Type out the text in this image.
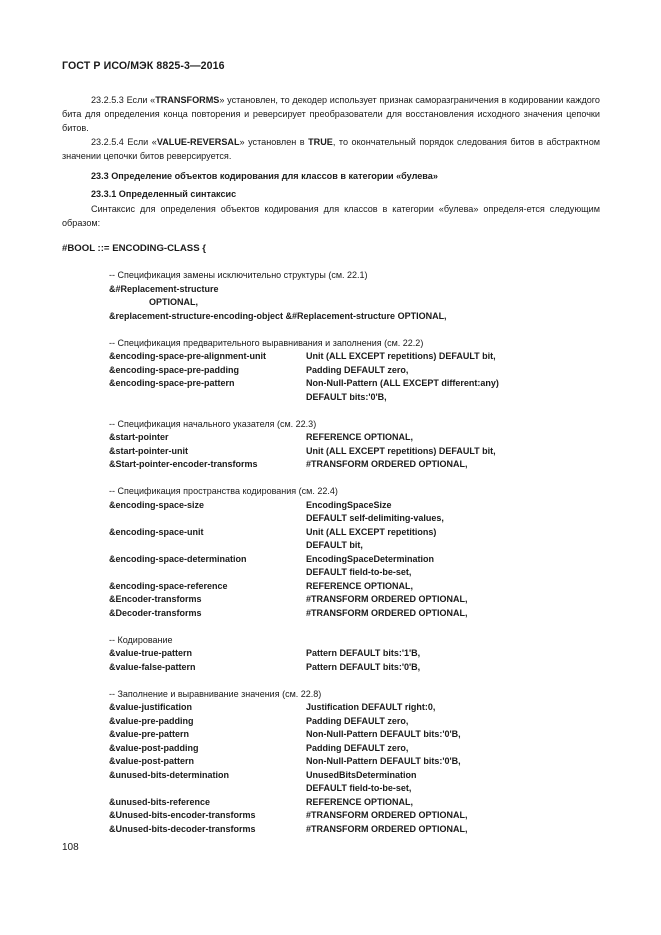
ГОСТ Р ИСО/МЭК 8825-3—2016

23.2.5.3 Если «TRANSFORMS» установлен, то декодер использует признак саморазграничения в кодировании каждого бита для определения конца повторения и реверсирует преобразователи для восстановления исходного значения цепочки битов.

23.2.5.4 Если «VALUE-REVERSAL» установлен в TRUE, то окончательный порядок следования битов в абстрактном значении цепочки битов реверсируется.

23.3 Определение объектов кодирования для классов в категории «булева»
23.3.1 Определенный синтаксис

Синтаксис для определения объектов кодирования для классов в категории «булева» определя-ется следующим образом:

#BOOL ::= ENCODING-CLASS {
-- Спецификация замены исключительно структуры (см. 22.1)
&#Replacement-structure
OPTIONAL,
&replacement-structure-encoding-object &#Replacement-structure OPTIONAL,
-- Спецификация предварительного выравнивания и заполнения (см. 22.2)
&encoding-space-pre-alignment-unit	Unit (ALL EXCEPT repetitions) DEFAULT bit,
&encoding-space-pre-padding	Padding DEFAULT zero,
&encoding-space-pre-pattern	Non-Null-Pattern (ALL EXCEPT different:any)
DEFAULT bits:'0'B,
-- Спецификация начального указателя (см. 22.3)
&start-pointer	REFERENCE OPTIONAL,
&start-pointer-unit	Unit (ALL EXCEPT repetitions) DEFAULT bit,
&Start-pointer-encoder-transforms	#TRANSFORM ORDERED OPTIONAL,
-- Спецификация пространства кодирования (см. 22.4)
&encoding-space-size	EncodingSpaceSize
DEFAULT self-delimiting-values,
&encoding-space-unit	Unit (ALL EXCEPT repetitions)
DEFAULT bit,
&encoding-space-determination	EncodingSpaceDetermination
DEFAULT field-to-be-set,
&encoding-space-reference	REFERENCE OPTIONAL,
&Encoder-transforms	#TRANSFORM ORDERED OPTIONAL,
&Decoder-transforms	#TRANSFORM ORDERED OPTIONAL,
-- Кодирование
&value-true-pattern	Pattern DEFAULT bits:'1'B,
&value-false-pattern	Pattern DEFAULT bits:'0'B,
-- Заполнение и выравнивание значения (см. 22.8)
&value-justification	Justification DEFAULT right:0,
&value-pre-padding	Padding DEFAULT zero,
&value-pre-pattern	Non-Null-Pattern DEFAULT bits:'0'B,
&value-post-padding	Padding DEFAULT zero,
&value-post-pattern	Non-Null-Pattern DEFAULT bits:'0'B,
&unused-bits-determination	UnusedBitsDetermination
DEFAULT field-to-be-set,
&unused-bits-reference	REFERENCE OPTIONAL,
&Unused-bits-encoder-transforms	#TRANSFORM ORDERED OPTIONAL,
&Unused-bits-decoder-transforms	#TRANSFORM ORDERED OPTIONAL,
108
